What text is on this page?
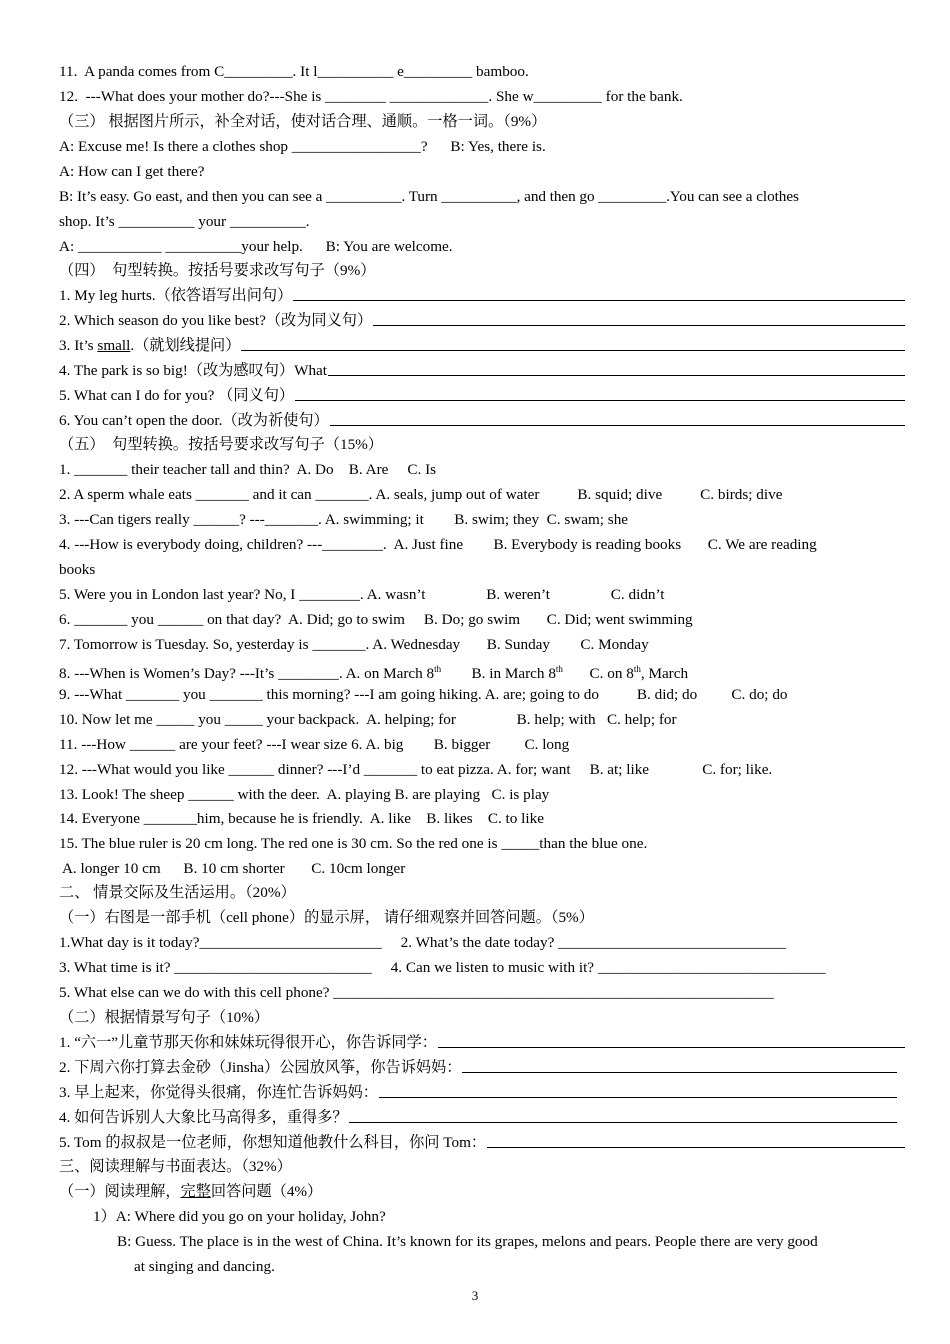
11.  A panda comes from C_________. It l__________ e_________ bamboo.
12.  ---What does your mother do?---She is ________ _____________. She w_________ for the bank.
（三） 根据图片所示，补全对话，使对话合理、通顺。一格一词。（9%）
A: Excuse me! Is there a clothes shop _________________?      B: Yes, there is.
A: How can I get there?
B: It’s easy. Go east, and then you can see a __________. Turn __________, and then go _________.You can see a clothes
shop. It’s __________ your __________.
A: ___________ __________your help.      B: You are welcome.
（四）  句型转换。按括号要求改写句子（9%）
1. My leg hurts.（依答语写出问句）
2. Which season do you like best?（改为同义句）
3. It’s small.（就划线提问）
4. The park is so big!（改为感叹句）What
5. What can I do for you? （同义句）
6. You can’t open the door.（改为祈使句）
（五）  句型转换。按括号要求改写句子（15%）
1. _______ their teacher tall and thin?  A. Do    B. Are     C. Is
2. A sperm whale eats _______ and it can _______. A. seals, jump out of water          B. squid; dive          C. birds; dive
3. ---Can tigers really ______? ---_______. A. swimming; it        B. swim; they  C. swam; she
4. ---How is everybody doing, children? ---________.  A. Just fine        B. Everybody is reading books       C. We are reading
books
5. Were you in London last year? No, I ________. A. wasn’t                B. weren’t                C. didn’t
6. _______ you ______ on that day?  A. Did; go to swim     B. Do; go swim       C. Did; went swimming
7. Tomorrow is Tuesday. So, yesterday is _______. A. Wednesday       B. Sunday        C. Monday
8. ---When is Women’s Day? ---It’s ________. A. on March 8th        B. in March 8th       C. on 8th, March
9. ---What _______ you _______ this morning? ---I am going hiking. A. are; going to do          B. did; do         C. do; do
10. Now let me _____ you _____ your backpack.  A. helping; for                B. help; with   C. help; for
11. ---How ______ are your feet? ---I wear size 6. A. big        B. bigger         C. long
12. ---What would you like ______ dinner? ---I’d _______ to eat pizza. A. for; want     B. at; like              C. for; like.
13. Look! The sheep ______ with the deer.  A. playing B. are playing   C. is play
14. Everyone _______him, because he is friendly.  A. like    B. likes    C. to like
15. The blue ruler is 20 cm long. The red one is 30 cm. So the red one is _____than the blue one.
A. longer 10 cm      B. 10 cm shorter       C. 10cm longer
二、 情景交际及生活运用。（20%）
（一）右图是一部手机（cell phone）的显示屏， 请仔细观察并回答问题。（5%）
1.What day is it today?________________________     2. What’s the date today? ______________________________
3. What time is it? __________________________     4. Can we listen to music with it? ______________________________
5. What else can we do with this cell phone? __________________________________________________________
（二）根据情景写句子（10%）
1. “六一”儿童节那天你和妹妹玩得很开心，你告诉同学：
2. 下周六你打算去金砂（Jinsha）公园放风筝，你告诉妈妈：
3. 早上起来，你觉得头很痛，你连忙告诉妈妈：
4. 如何告诉别人大象比马高得多，重得多？
5. Tom 的叔叔是一位老师，你想知道他教什么科目，你问 Tom：
三、阅读理解与书面表达。（32%）
（一）阅读理解，完整回答问题（4%）
1）A: Where did you go on your holiday, John?
B: Guess. The place is in the west of China. It’s known for its grapes, melons and pears. People there are very good
at singing and dancing.
3
